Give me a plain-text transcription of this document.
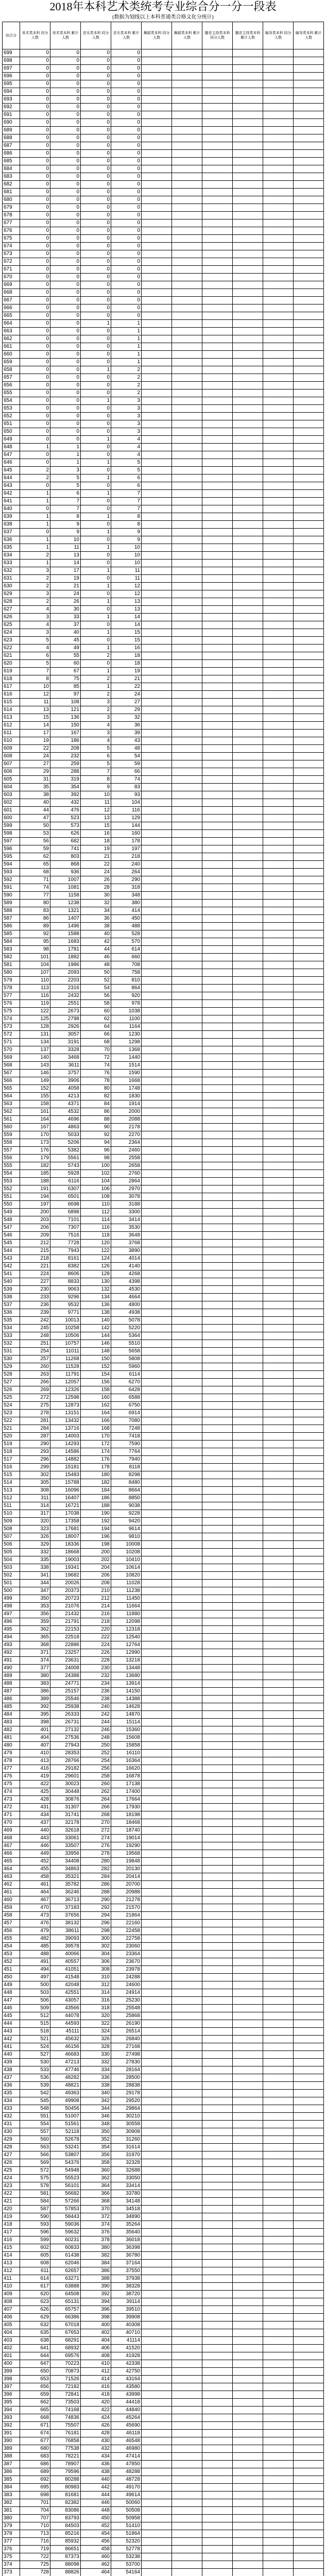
2018年本科艺术类统考专业综合分一分一段表
(数据为划线以上本科普通类合格文化分统计)
综合分	美术类本科 同分人数	美术类本科 累计人数	音乐类本科 同分人数	音乐类本科 累计人数	舞蹈类本科 同分人数	舞蹈类本科 累计人数	播音主持类本科 同分人数	播音主持类本科 累计人数	编导类本科 同分人数	编导类本科 累计人数
699	0	0	0	0						
698	0	0	0	0						
697	0	0	0	0						
696	0	0	0	0						
695	0	0	0	0						
694	0	0	0	0						
693	0	0	0	0						
692	0	0	0	0						
691	0	0	0	0						
690	0	0	0	0						
689	0	0	0	0						
688	0	0	0	0						
687	0	0	0	0						
686	0	0	0	0						
685	0	0	0	0						
684	0	0	0	0						
683	0	0	0	0						
682	0	0	0	0						
681	0	0	0	0						
680	0	0	0	0						
679	0	0	0	0						
678	0	0	0	0						
677	0	0	0	0						
676	0	0	0	0						
675	0	0	0	0						
674	0	0	0	0						
673	0	0	0	0						
672	0	0	0	0						
671	0	0	0	0						
670	0	0	0	0						
669	0	0	0	0						
668	0	0	0	0						
667	0	0	0	0						
666	0	0	0	0						
665	0	0	0	0						
664	0	0	1	1						
663	0	0	0	1						
662	0	0	0	1						
661	0	0	0	1						
660	0	0	0	1						
659	0	0	0	1						
658	0	0	1	2						
657	0	0	0	2						
656	0	0	0	2						
655	0	0	0	2						
654	0	0	1	3						
653	0	0	0	3						
652	0	0	0	3						
651	0	0	0	3						
650	0	0	0	3						
649	0	0	1	4						
648	1	1	0	4						
647	0	1	0	4						
646	0	1	1	5						
645	2	3	0	5						
644	2	5	1	6						
643	0	5	0	6						
642	1	6	1	7						
641	1	7	0	7						
640	0	7	0	7						
639	1	8	1	8						
638	1	9	0	8						
637	0	9	1	9						
636	1	10	0	9						
635	1	11	1	10						
634	2	13	0	10						
633	1	14	0	10						
632	3	17	1	11						
631	2	19	0	11						
630	2	21	1	12						
629	3	24	0	12						
628	2	26	1	13						
627	4	30	0	13						
626	3	33	1	14						
625	4	37	0	14						
624	3	40	1	15						
623	5	45	0	15						
622	4	49	1	16						
621	6	55	2	18						
620	5	60	0	18						
619	7	67	1	19						
618	8	75	2	21						
617	10	85	1	22						
616	12	97	2	24						
615	11	108	3	27						
614	13	121	2	29						
613	15	136	3	32						
612	14	150	4	36						
611	17	167	3	39						
610	19	186	4	43						
609	22	208	5	48						
608	24	232	6	54						
607	27	259	5	59						
606	29	288	7	66						
605	31	319	8	74						
604	35	354	9	83						
603	38	392	10	93						
602	40	432	11	104						
601	44	476	12	116						
600	47	523	13	129						
599	50	573	15	144						
598	53	626	16	160						
597	56	682	18	178						
596	59	741	19	197						
595	62	803	21	218						
594	65	868	22	240						
593	68	936	24	264						
592	71	1007	26	290						
591	74	1081	28	318						
590	77	1158	30	348						
589	80	1238	32	380						
588	83	1321	34	414						
587	86	1407	36	450						
586	89	1496	38	488						
585	92	1588	40	528						
584	95	1683	42	570						
583	98	1781	44	614						
582	101	1882	46	660						
581	104	1986	48	708						
580	107	2093	50	758						
579	110	2203	52	810						
578	113	2316	54	864						
577	116	2432	56	920						
576	119	2551	58	978						
575	122	2673	60	1038						
574	125	2798	62	1100						
573	128	2926	64	1164						
572	131	3057	66	1230						
571	134	3191	68	1298						
570	137	3328	70	1368						
569	140	3468	72	1440						
568	143	3611	74	1514						
567	146	3757	76	1590						
566	149	3906	78	1668						
565	152	4058	80	1748						
564	155	4213	82	1830						
563	158	4371	84	1914						
562	161	4532	86	2000						
561	164	4696	88	2088						
560	167	4863	90	2178						
559	170	5033	92	2270						
558	173	5206	94	2364						
557	176	5382	96	2460						
556	179	5561	98	2558						
555	182	5743	100	2658						
554	185	5928	102	2760						
553	188	6116	104	2864						
552	191	6307	106	2970						
551	194	6501	108	3078						
550	197	6698	110	3188						
549	200	6898	112	3300						
548	203	7101	114	3414						
547	206	7307	116	3530						
546	209	7516	118	3648						
545	212	7728	120	3768						
544	215	7943	122	3890						
543	218	8161	124	4014						
542	221	8382	126	4140						
541	224	8606	128	4268						
540	227	8833	130	4398						
539	230	9063	132	4530						
538	233	9296	134	4664						
537	236	9532	136	4800						
536	239	9771	138	4938						
535	242	10013	140	5078						
534	245	10258	142	5220						
533	248	10506	144	5364						
532	251	10757	146	5510						
531	254	11011	148	5658						
530	257	11268	150	5808						
529	260	11528	152	5960						
528	263	11791	154	6114						
527	266	12057	156	6270						
526	269	12326	158	6428						
525	272	12598	160	6588						
524	275	12873	162	6750						
523	278	13151	164	6914						
522	281	13432	166	7080						
521	284	13716	168	7248						
520	287	14003	170	7418						
519	290	14293	172	7590						
518	293	14586	174	7764						
517	296	14882	176	7940						
516	299	15181	178	8118						
515	302	15483	180	8298						
514	305	15788	182	8480						
513	308	16096	184	8664						
512	311	16407	186	8850						
511	314	16721	188	9038						
510	317	17038	190	9228						
509	320	17358	192	9420						
508	323	17681	194	9614						
507	326	18007	196	9810						
506	329	18336	198	10008						
505	332	18668	200	10208						
504	335	19003	202	10410						
503	338	19341	204	10614						
502	341	19682	206	10820						
501	344	20026	208	11028						
500	347	20373	210	11238						
499	350	20723	212	11450						
498	353	21076	214	11664						
497	356	21432	216	11880						
496	359	21791	218	12098						
495	362	22153	220	12318						
494	365	22518	222	12540						
493	368	22886	224	12764						
492	371	23257	226	12990						
491	374	23631	228	13218						
490	377	24008	230	13448						
489	380	24388	232	13680						
488	383	24771	234	13914						
487	386	25157	236	14150						
486	389	25546	238	14388						
485	392	25938	240	14628						
484	395	26333	242	14870						
483	398	26731	244	15114						
482	401	27132	246	15360						
481	404	27536	248	15608						
480	407	27943	250	15858						
479	410	28353	252	16110						
478	413	28766	254	16364						
477	416	29182	256	16620						
476	419	29601	258	16878						
475	422	30023	260	17138						
474	425	30448	262	17400						
473	428	30876	264	17664						
472	431	31307	266	17930						
471	434	31741	268	18198						
470	437	32178	270	18468						
469	440	32618	272	18740						
468	443	33061	274	19014						
467	446	33507	276	19290						
466	449	33956	278	19568						
465	452	34408	280	19848						
464	455	34863	282	20130						
463	458	35321	284	20414						
462	461	35782	286	20700						
461	464	36246	288	20988						
460	467	36713	290	21278						
459	470	37183	292	21570						
458	473	37656	294	21864						
457	476	38132	296	22160						
456	479	38611	298	22458						
455	482	39093	300	22758						
454	485	39578	302	23060						
453	488	40066	304	23364						
452	491	40557	306	23670						
451	494	41051	308	23978						
450	497	41548	310	24288						
449	500	42048	312	24600						
448	503	42551	314	24914						
447	506	43057	316	25230						
446	509	43566	318	25548						
445	512	44078	320	25868						
444	515	44593	322	26190						
443	518	45111	324	26514						
442	521	45632	326	26840						
441	524	46156	328	27168						
440	527	46683	330	27498						
439	530	47213	332	27830						
438	533	47746	334	28164						
437	536	48282	336	28500						
436	539	48821	338	28838						
435	542	49363	340	29178						
434	545	49908	342	29520						
433	548	50456	344	29864						
432	551	51007	346	30210						
431	554	51561	348	30558						
430	557	52118	350	30908						
429	560	52678	352	31260						
428	563	53241	354	31614						
427	566	53807	356	31970						
426	569	54376	358	32328						
425	572	54948	360	32688						
424	575	55523	362	33050						
423	578	56101	364	33414						
422	581	56682	366	33780						
421	584	57266	368	34148						
420	587	57853	370	34518						
419	590	58443	372	34890						
418	593	59036	374	35264						
417	596	59632	376	35640						
416	599	60231	378	36018						
415	602	60833	380	36398						
414	605	61438	382	36780						
413	608	62046	384	37164						
412	611	62657	386	37550						
411	614	63271	388	37938						
410	617	63888	390	38328						
409	620	64508	392	38720						
408	623	65131	394	39114						
407	626	65757	396	39510						
406	629	66386	398	39908						
405	632	67018	400	40308						
404	635	67653	402	40710						
403	638	68291	404	41114						
402	641	68932	406	41520						
401	644	69576	408	41928						
400	647	70223	410	42338						
399	650	70873	412	42750						
398	653	71526	414	43164						
397	656	72182	416	43580						
396	659	72841	418	43998						
395	662	73503	420	44418						
394	665	74168	422	44840						
393	668	74836	424	45264						
392	671	75507	426	45690						
391	674	76181	428	46118						
390	677	76858	430	46548						
389	680	77538	432	46980						
388	683	78221	434	47414						
387	686	78907	436	47850						
386	689	79596	438	48288						
385	692	80288	440	48728						
384	695	80983	442	49170						
383	698	81681	444	49614						
382	701	82382	446	50060						
381	704	83086	448	50508						
380	707	83793	450	50958						
379	710	84503	452	51410						
378	713	85216	454	51864						
377	716	85932	456	52320						
376	719	86651	458	52778						
375	722	87373	460	53238						
374	725	88098	462	53700						
373	728	88826	464	54164						
